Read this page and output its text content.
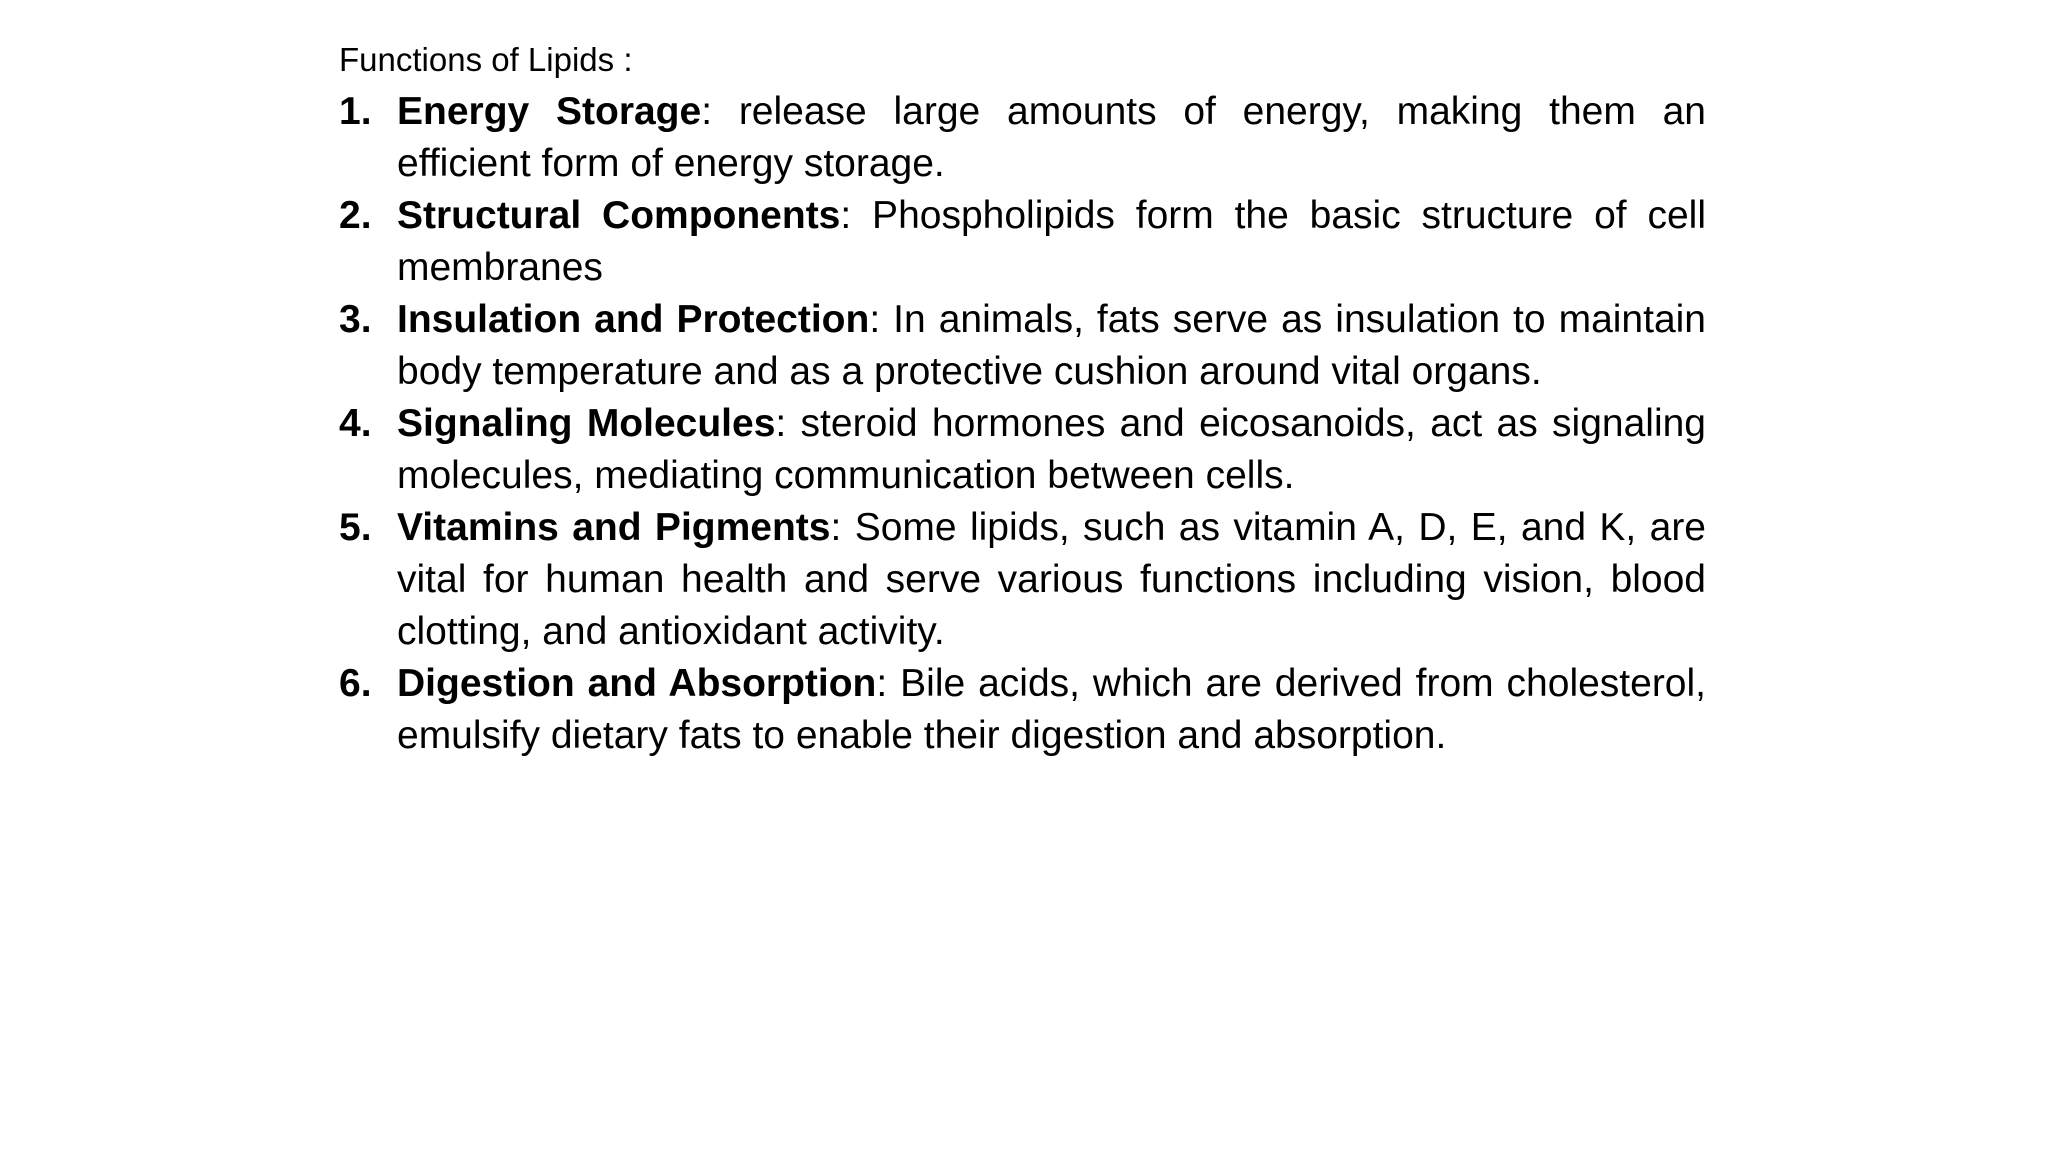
Functions of Lipids :
1. Energy Storage: release large amounts of energy, making them an efficient form of energy storage.
2. Structural Components: Phospholipids form the basic structure of cell membranes
3. Insulation and Protection: In animals, fats serve as insulation to maintain body temperature and as a protective cushion around vital organs.
4. Signaling Molecules: steroid hormones and eicosanoids, act as signaling molecules, mediating communication between cells.
5. Vitamins and Pigments: Some lipids, such as vitamin A, D, E, and K, are vital for human health and serve various functions including vision, blood clotting, and antioxidant activity.
6. Digestion and Absorption: Bile acids, which are derived from cholesterol, emulsify dietary fats to enable their digestion and absorption.
